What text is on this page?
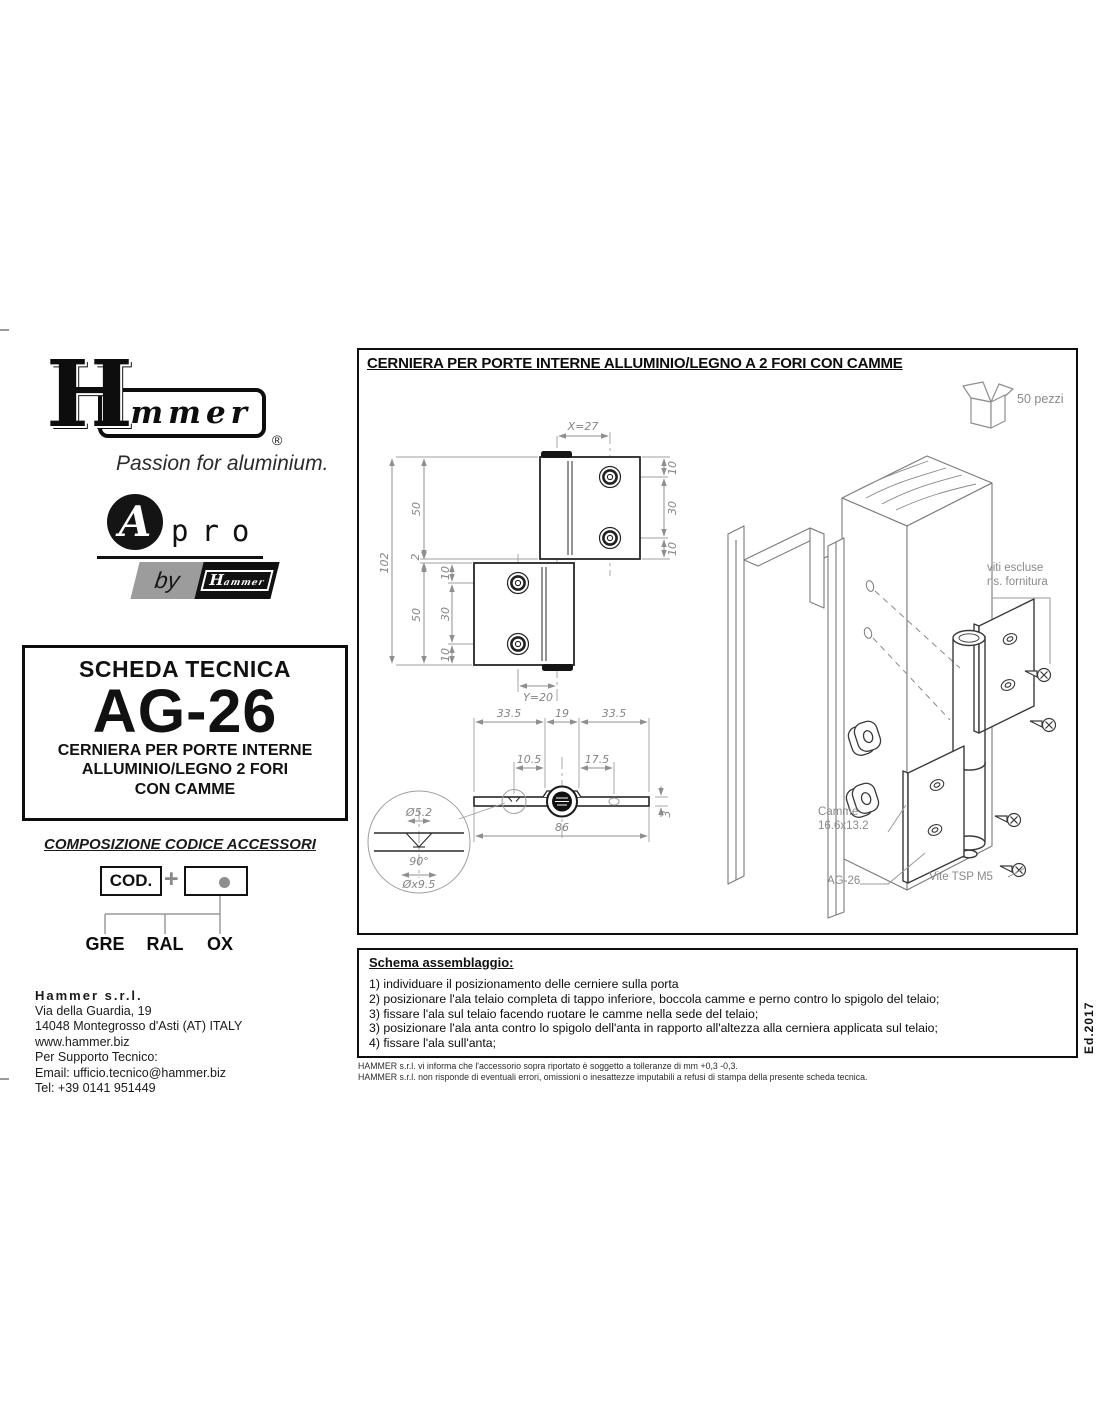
ammer
H	®
Passion for aluminium.
A pro
by H
ammer
SCHEDA TECNICA
AG-26
CERNIERA PER PORTE INTERNE
ALLUMINIO/LEGNO 2 FORI
CON CAMME
COMPOSIZIONE CODICE ACCESSORI
COD. +
GRE	RAL	OX
Hammer s.r.l.
Via della Guardia, 19
14048 Montegrosso d'Asti (AT) ITALY
www.hammer.biz
Per Supporto Tecnico:
Email: ufficio.tecnico@hammer.biz
Tel: +39 0141 951449
CERNIERA PER PORTE INTERNE ALLUMINIO/LEGNO A 2 FORI CON CAMME
50 pezzi
X=27
102
50
2
50
10
30
10
10
30
10
Y=20
33.5	19	33.5
10.5	17.5
86
3
Ø5.2
90°
Øx9.5
viti escluse
ns. fornitura
Camme
16.6x13.2
AG-26	Vite TSP M5
Schema assemblaggio:
1) individuare il posizionamento delle cerniere sulla porta
2) posizionare l'ala telaio completa di tappo inferiore, boccola camme e perno contro lo spigolo del telaio;
3) fissare l'ala sul telaio facendo ruotare le camme nella sede del telaio;
3) posizionare l'ala anta contro lo spigolo dell'anta in rapporto all'altezza alla cerniera applicata sul telaio;
4) fissare l'ala sull'anta;
HAMMER s.r.l. vi informa che l'accessorio sopra riportato è soggetto a tolleranze di mm +0,3 -0,3.
HAMMER s.r.l. non risponde di eventuali errori, omissioni o inesattezze imputabili a refusi di stampa della presente scheda tecnica.
Ed.2017
